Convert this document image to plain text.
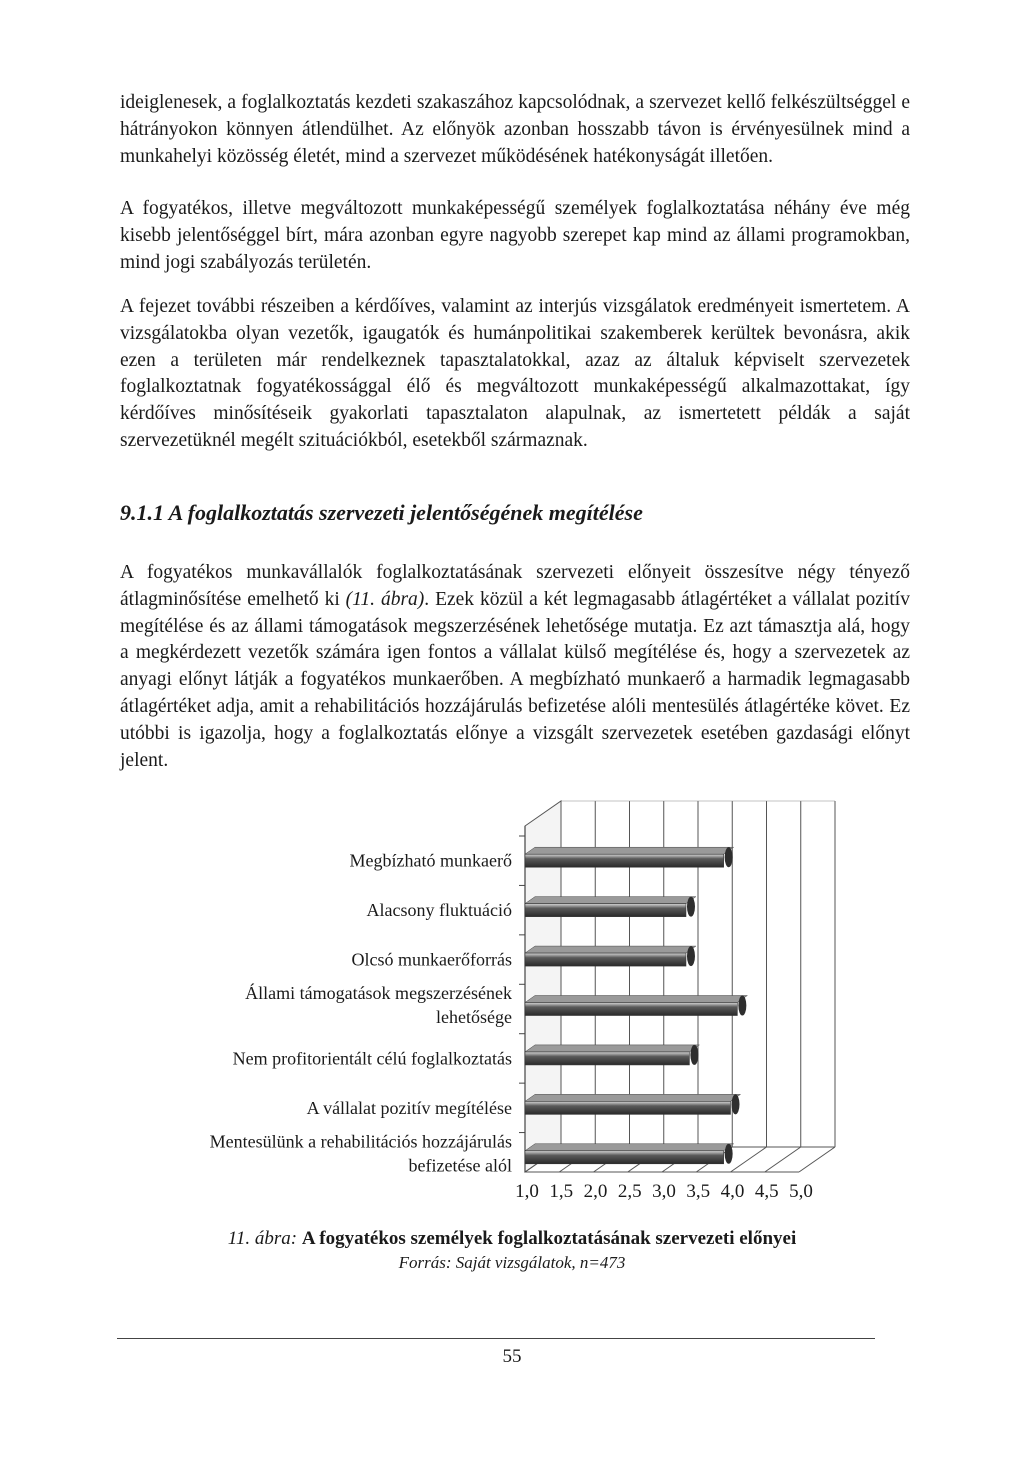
ideiglenesek, a foglalkoztatás kezdeti szakaszához kapcsolódnak, a szervezet kellő felkészültséggel e hátrányokon könnyen átlendülhet. Az előnyök azonban hosszabb távon is érvényesülnek mind a munkahelyi közösség életét, mind a szervezet működésének hatékonyságát illetően.

A fogyatékos, illetve megváltozott munkaképességű személyek foglalkoztatása néhány éve még kisebb jelentőséggel bírt, mára azonban egyre nagyobb szerepet kap mind az állami programokban, mind jogi szabályozás területén.

A fejezet további részeiben a kérdőíves, valamint az interjús vizsgálatok eredményeit ismertetem. A vizsgálatokba olyan vezetők, igaugatók és humánpolitikai szakemberek kerültek bevonásra, akik ezen a területen már rendelkeznek tapasztalatokkal, azaz az általuk képviselt szervezetek foglalkoztatnak fogyatékossággal élő és megváltozott munkaképességű alkalmazottakat, így kérdőíves minősítéseik gyakorlati tapasztalaton alapulnak, az ismertetett példák a saját szervezetüknél megélt szituációkból, esetekből származnak.

9.1.1 A foglalkoztatás szervezeti jelentőségének megítélése

A fogyatékos munkavállalók foglalkoztatásának szervezeti előnyeit összesítve négy tényező átlagminősítése emelhető ki (11. ábra). Ezek közül a két legmagasabb átlagértéket a vállalat pozitív megítélése és az állami támogatások megszerzésének lehetősége mutatja. Ez azt támasztja alá, hogy a megkérdezett vezetők számára igen fontos a vállalat külső megítélése és, hogy a szervezetek az anyagi előnyt látják a fogyatékos munkaerőben. A megbízható munkaerő a harmadik legmagasabb átlagértéket adja, amit a rehabilitációs hozzájárulás befizetése alóli mentesülés átlagértéke követ. Ez utóbbi is igazolja, hogy a foglalkoztatás előnye a vizsgált szervezetek esetében gazdasági előnyt jelent.

Megbízható munkaerő
Alacsony fluktuáció
Olcsó munkaerőforrás
Állami támogatások megszerzésének
lehetősége
Nem profitorientált célú foglalkoztatás
A vállalat pozitív megítélése
Mentesülünk a rehabilitációs hozzájárulás
befizetése alól
1,0 1,5 2,0 2,5 3,0 3,5 4,0 4,5 5,0

11. ábra: A fogyatékos személyek foglalkoztatásának szervezeti előnyei

Forrás: Saját vizsgálatok, n=473

55
